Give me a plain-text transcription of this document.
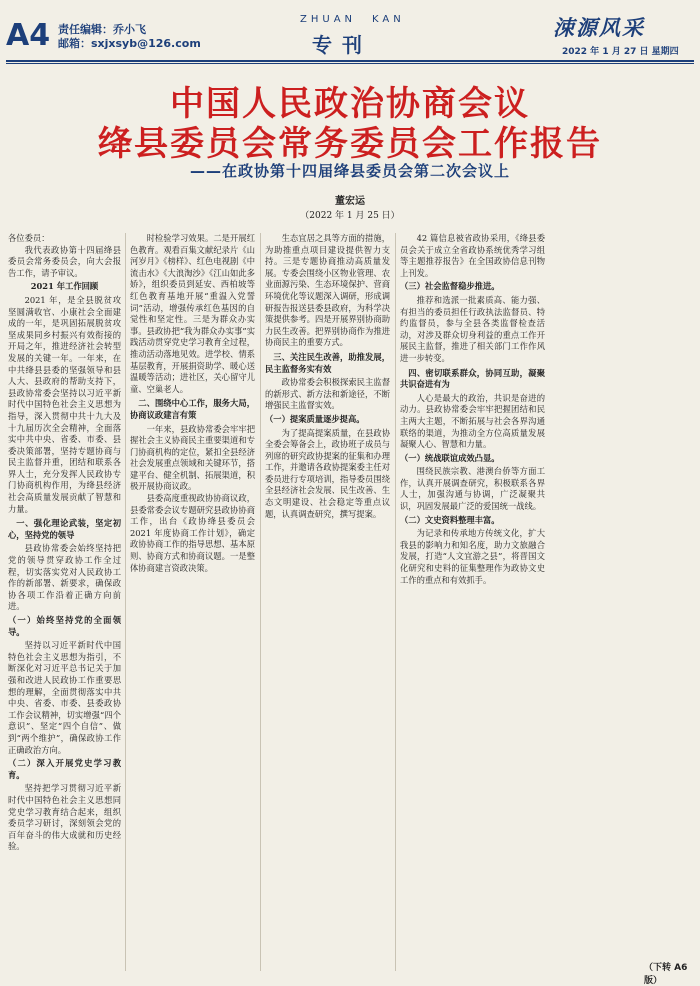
A4 责任编辑：乔小飞
邮箱：sxjxsyb@126.com
ZHUAN KAN
专刊
涑源风采
2022 年 1 月 27 日 星期四
中国人民政治协商会议
绛县委员会常务委员会工作报告
——在政协第十四届绛县委员会第二次会议上
董宏运
（2022 年 1 月 25 日）

各位委员：

我代表政协第十四届绛县委员会常务委员会，向大会报告工作，请予审议。

2021 年工作回顾

2021 年，是全县脱贫攻坚圆满收官、小康社会全面建成的一年，是巩固拓展脱贫攻坚成果同乡村振兴有效衔接的开局之年，推进经济社会转型发展的关键一年。一年来，在中共绛县县委的坚强领导和县人大、县政府的帮助支持下，县政协常委会坚持以习近平新时代中国特色社会主义思想为指导，深入贯彻中共十九大及十九届历次全会精神，全面落实中共中央、省委、市委、县委决策部署，坚持专题协商与民主监督并重，团结和联系各界人士，充分发挥人民政协专门协商机构作用，为绛县经济社会高质量发展贡献了智慧和力量。

一、强化理论武装，坚定初心，坚持党的领导

县政协常委会始终坚持把党的领导贯穿政协工作全过程，切实落实党对人民政协工作的新部署、新要求，确保政协各项工作沿着正确方向前进。

（一）始终坚持党的全面领导。

坚持以习近平新时代中国特色社会主义思想为指引，不断深化对习近平总书记关于加强和改进人民政协工作重要思想的理解，全面贯彻落实中共中央、省委、市委、县委政协工作会议精神，切实增强“四个意识”、坚定“四个自信”、做到“两个维护”，确保政协工作正确政治方向。

（二）深入开展党史学习教育。

坚持把学习贯彻习近平新时代中国特色社会主义思想同党史学习教育结合起来，组织委员学习研讨，深刻领会党的百年奋斗的伟大成就和历史经验。

时检验学习效果。二是开展红色教育。观看百集文献纪录片《山河岁月》《榜样》、红色电视剧《中流击水》《大浪淘沙》《江山如此多娇》，组织委员到延安、西柏坡等红色教育基地开展“重温入党誓词”活动，增强传承红色基因的自觉性和坚定性。三是为群众办实事。县政协把“我为群众办实事”实践活动贯穿党史学习教育全过程，推动活动落地见效。进学校、情系基层教育，开展捐资助学、暖心送温暖等活动；进社区，关心留守儿童、空巢老人。

二、围绕中心工作，服务大局，协商议政建言有策

一年来，县政协常委会牢牢把握社会主义协商民主重要渠道和专门协商机构的定位，紧扣全县经济社会发展重点领域和关键环节，搭建平台、健全机制、拓展渠道，积极开展协商议政。

县委高度重视政协协商议政，县委常委会议专题研究县政协协商工作，出台《政协绛县委员会 2021 年度协商工作计划》，确定政协协商工作的指导思想、基本原则、协商方式和协商议题。一是整体协商建言资政决策。

生态宜居之具等方面的措施，为助推重点项目建设提供智力支持。三是专题协商推动高质量发展。专委会围绕小区物业管理、农业面源污染、生态环境保护、营商环境优化等议题深入调研，形成调研报告报送县委县政府，为科学决策提供参考。四是开展界别协商助力民生改善。把界别协商作为推进协商民主的重要方式。

三、关注民生改善，助推发展，民主监督务实有效

政协常委会积极探索民主监督的新形式、新方法和新途径，不断增强民主监督实效。

（一）提案质量逐步提高。

为了提高提案质量，在县政协全委会筹备会上，政协班子成员与列席的研究政协提案的征集和办理工作，并邀请各政协提案委主任对委员进行专项培训，指导委员围绕全县经济社会发展、民生改善、生态文明建设、社会稳定等重点议题，认真调查研究，撰写提案。

42 篇信息被省政协采用，《绛县委员会关于成立全省政协系统优秀学习组等主题推荐报告》在全国政协信息刊物上刊发。

（三）社会监督稳步推进。

推荐和选派一批素质高、能力强、有担当的委员担任行政执法监督员、特约监督员，参与全县各类监督检查活动，对涉及群众切身利益的重点工作开展民主监督，推进了相关部门工作作风进一步转变。

四、密切联系群众，协同互助，凝聚共识奋进有为

人心是最大的政治，共识是奋进的动力。县政协常委会牢牢把握团结和民主两大主题，不断拓展与社会各界沟通联络的渠道，为推动全方位高质量发展凝聚人心、智慧和力量。

（一）统战联谊成效凸显。

围绕民族宗教、港澳台侨等方面工作，认真开展调查研究，积极联系各界人士，加强沟通与协调，广泛凝聚共识，巩固发展最广泛的爱国统一战线。

（二）文史资料整理丰富。

为记录和传承地方传统文化，扩大我县的影响力和知名度，助力文旅融合发展，打造“人文宜游之县”，将晋国文化研究和史料的征集整理作为政协文史工作的重点和有效抓手。

（下转 A6 版）
